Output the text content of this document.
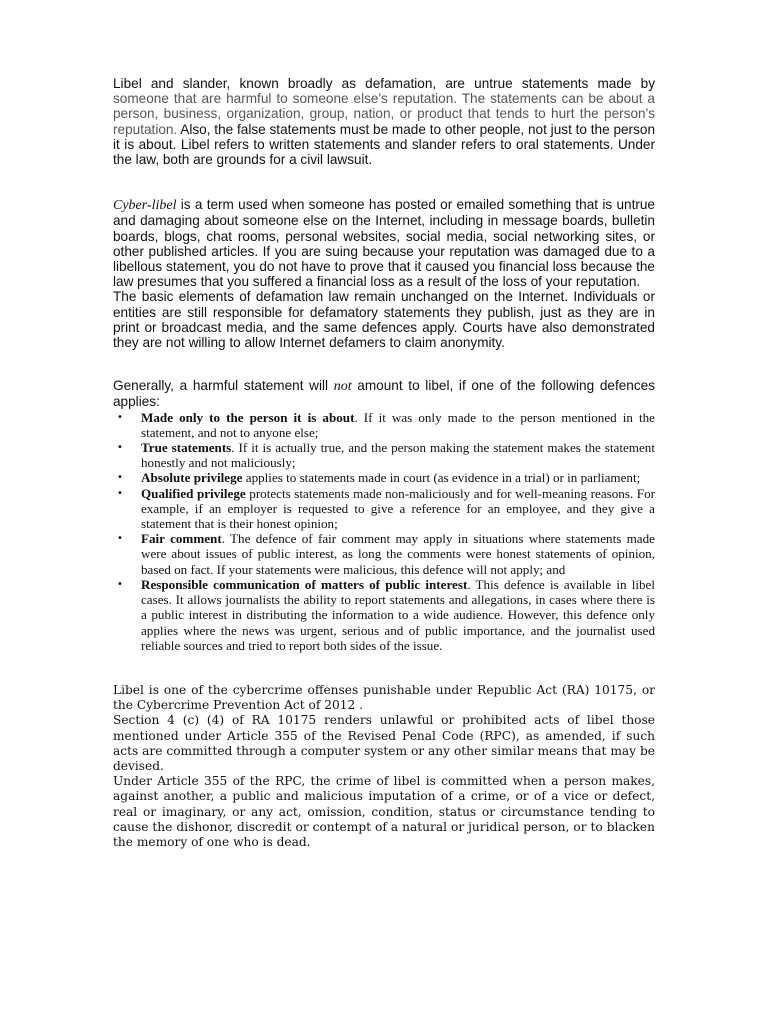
Libel and slander, known broadly as defamation, are untrue statements made by someone that are harmful to someone else's reputation. The statements can be about a person, business, organization, group, nation, or product that tends to hurt the person's reputation. Also, the false statements must be made to other people, not just to the person it is about. Libel refers to written statements and slander refers to oral statements. Under the law, both are grounds for a civil lawsuit.

Cyber-libel is a term used when someone has posted or emailed something that is untrue and damaging about someone else on the Internet, including in message boards, bulletin boards, blogs, chat rooms, personal websites, social media, social networking sites, or other published articles. If you are suing because your reputation was damaged due to a libellous statement, you do not have to prove that it caused you financial loss because the law presumes that you suffered a financial loss as a result of the loss of your reputation.

The basic elements of defamation law remain unchanged on the Internet. Individuals or entities are still responsible for defamatory statements they publish, just as they are in print or broadcast media, and the same defences apply. Courts have also demonstrated they are not willing to allow Internet defamers to claim anonymity.

Generally, a harmful statement will not amount to libel, if one of the following defences applies:

• Made only to the person it is about. If it was only made to the person mentioned in the statement, and not to anyone else;
• True statements. If it is actually true, and the person making the statement makes the statement honestly and not maliciously;
• Absolute privilege applies to statements made in court (as evidence in a trial) or in parliament;
• Qualified privilege protects statements made non-maliciously and for well-meaning reasons. For example, if an employer is requested to give a reference for an employee, and they give a statement that is their honest opinion;
• Fair comment. The defence of fair comment may apply in situations where statements made were about issues of public interest, as long the comments were honest statements of opinion, based on fact. If your statements were malicious, this defence will not apply; and
• Responsible communication of matters of public interest. This defence is available in libel cases. It allows journalists the ability to report statements and allegations, in cases where there is a public interest in distributing the information to a wide audience. However, this defence only applies where the news was urgent, serious and of public importance, and the journalist used reliable sources and tried to report both sides of the issue.

Libel is one of the cybercrime offenses punishable under Republic Act (RA) 10175, or the Cybercrime Prevention Act of 2012 .

Section 4 (c) (4) of RA 10175 renders unlawful or prohibited acts of libel those mentioned under Article 355 of the Revised Penal Code (RPC), as amended, if such acts are committed through a computer system or any other similar means that may be devised.

Under Article 355 of the RPC, the crime of libel is committed when a person makes, against another, a public and malicious imputation of a crime, or of a vice or defect, real or imaginary, or any act, omission, condition, status or circumstance tending to cause the dishonor, discredit or contempt of a natural or juridical person, or to blacken the memory of one who is dead.
